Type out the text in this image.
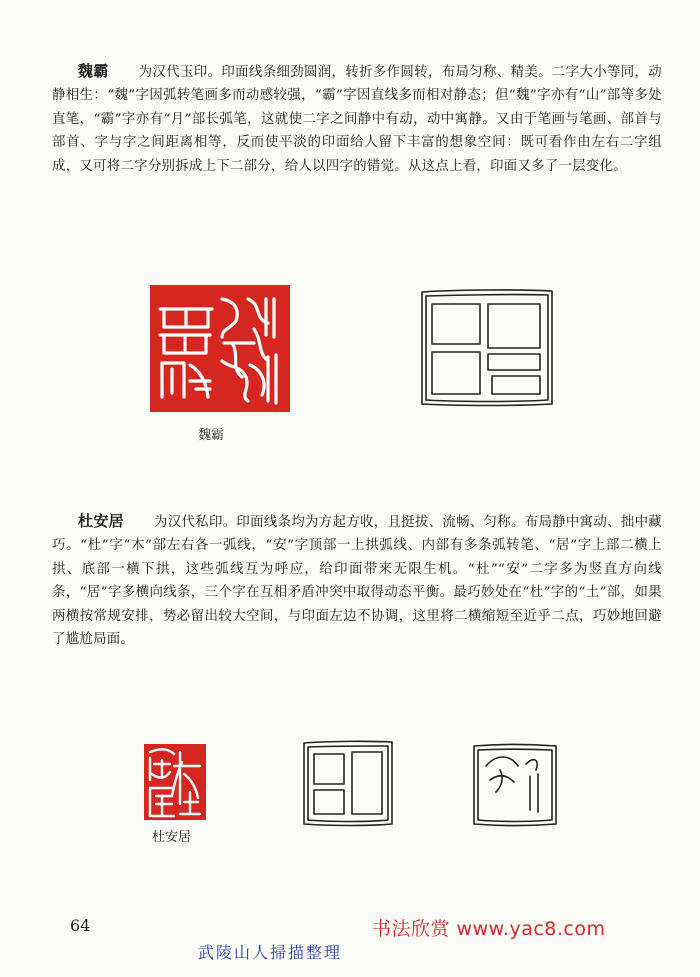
魏霸 为汉代玉印。印面线条细劲圆润，转折多作圆转，布局匀称、精美。二字大小等同，动静相生：“魏”字因弧转笔画多而动感较强，“霸”字因直线多而相对静态；但“魏”字亦有“山”部等多处直笔，“霸”字亦有“月”部长弧笔，这就使二字之间静中有动，动中寓静。又由于笔画与笔画、部首与部首、字与字之间距离相等，反而使平淡的印面给人留下丰富的想象空间：既可看作由左右二字组成，又可将二字分别拆成上下二部分，给人以四字的错觉。从这点上看，印面又多了一层变化。

魏霸

杜安居 为汉代私印。印面线条均为方起方收，且挺拔、流畅、匀称。布局静中寓动、拙中藏巧。“杜”字“木”部左右各一弧线，“安”字顶部一上拱弧线、内部有多条弧转笔、“居”字上部二横上拱、底部一横下拱，这些弧线互为呼应，给印面带来无限生机。“杜”“安”二字多为竖直方向线条，“居”字多横向线条，三个字在互相矛盾冲突中取得动态平衡。最巧妙处在“杜”字的“土”部，如果两横按常规安排，势必留出较大空间，与印面左边不协调，这里将二横缩短至近乎二点，巧妙地回避了尴尬局面。

杜安居
64	书法欣赏 www.yac8.com
武陵山人掃描整理
